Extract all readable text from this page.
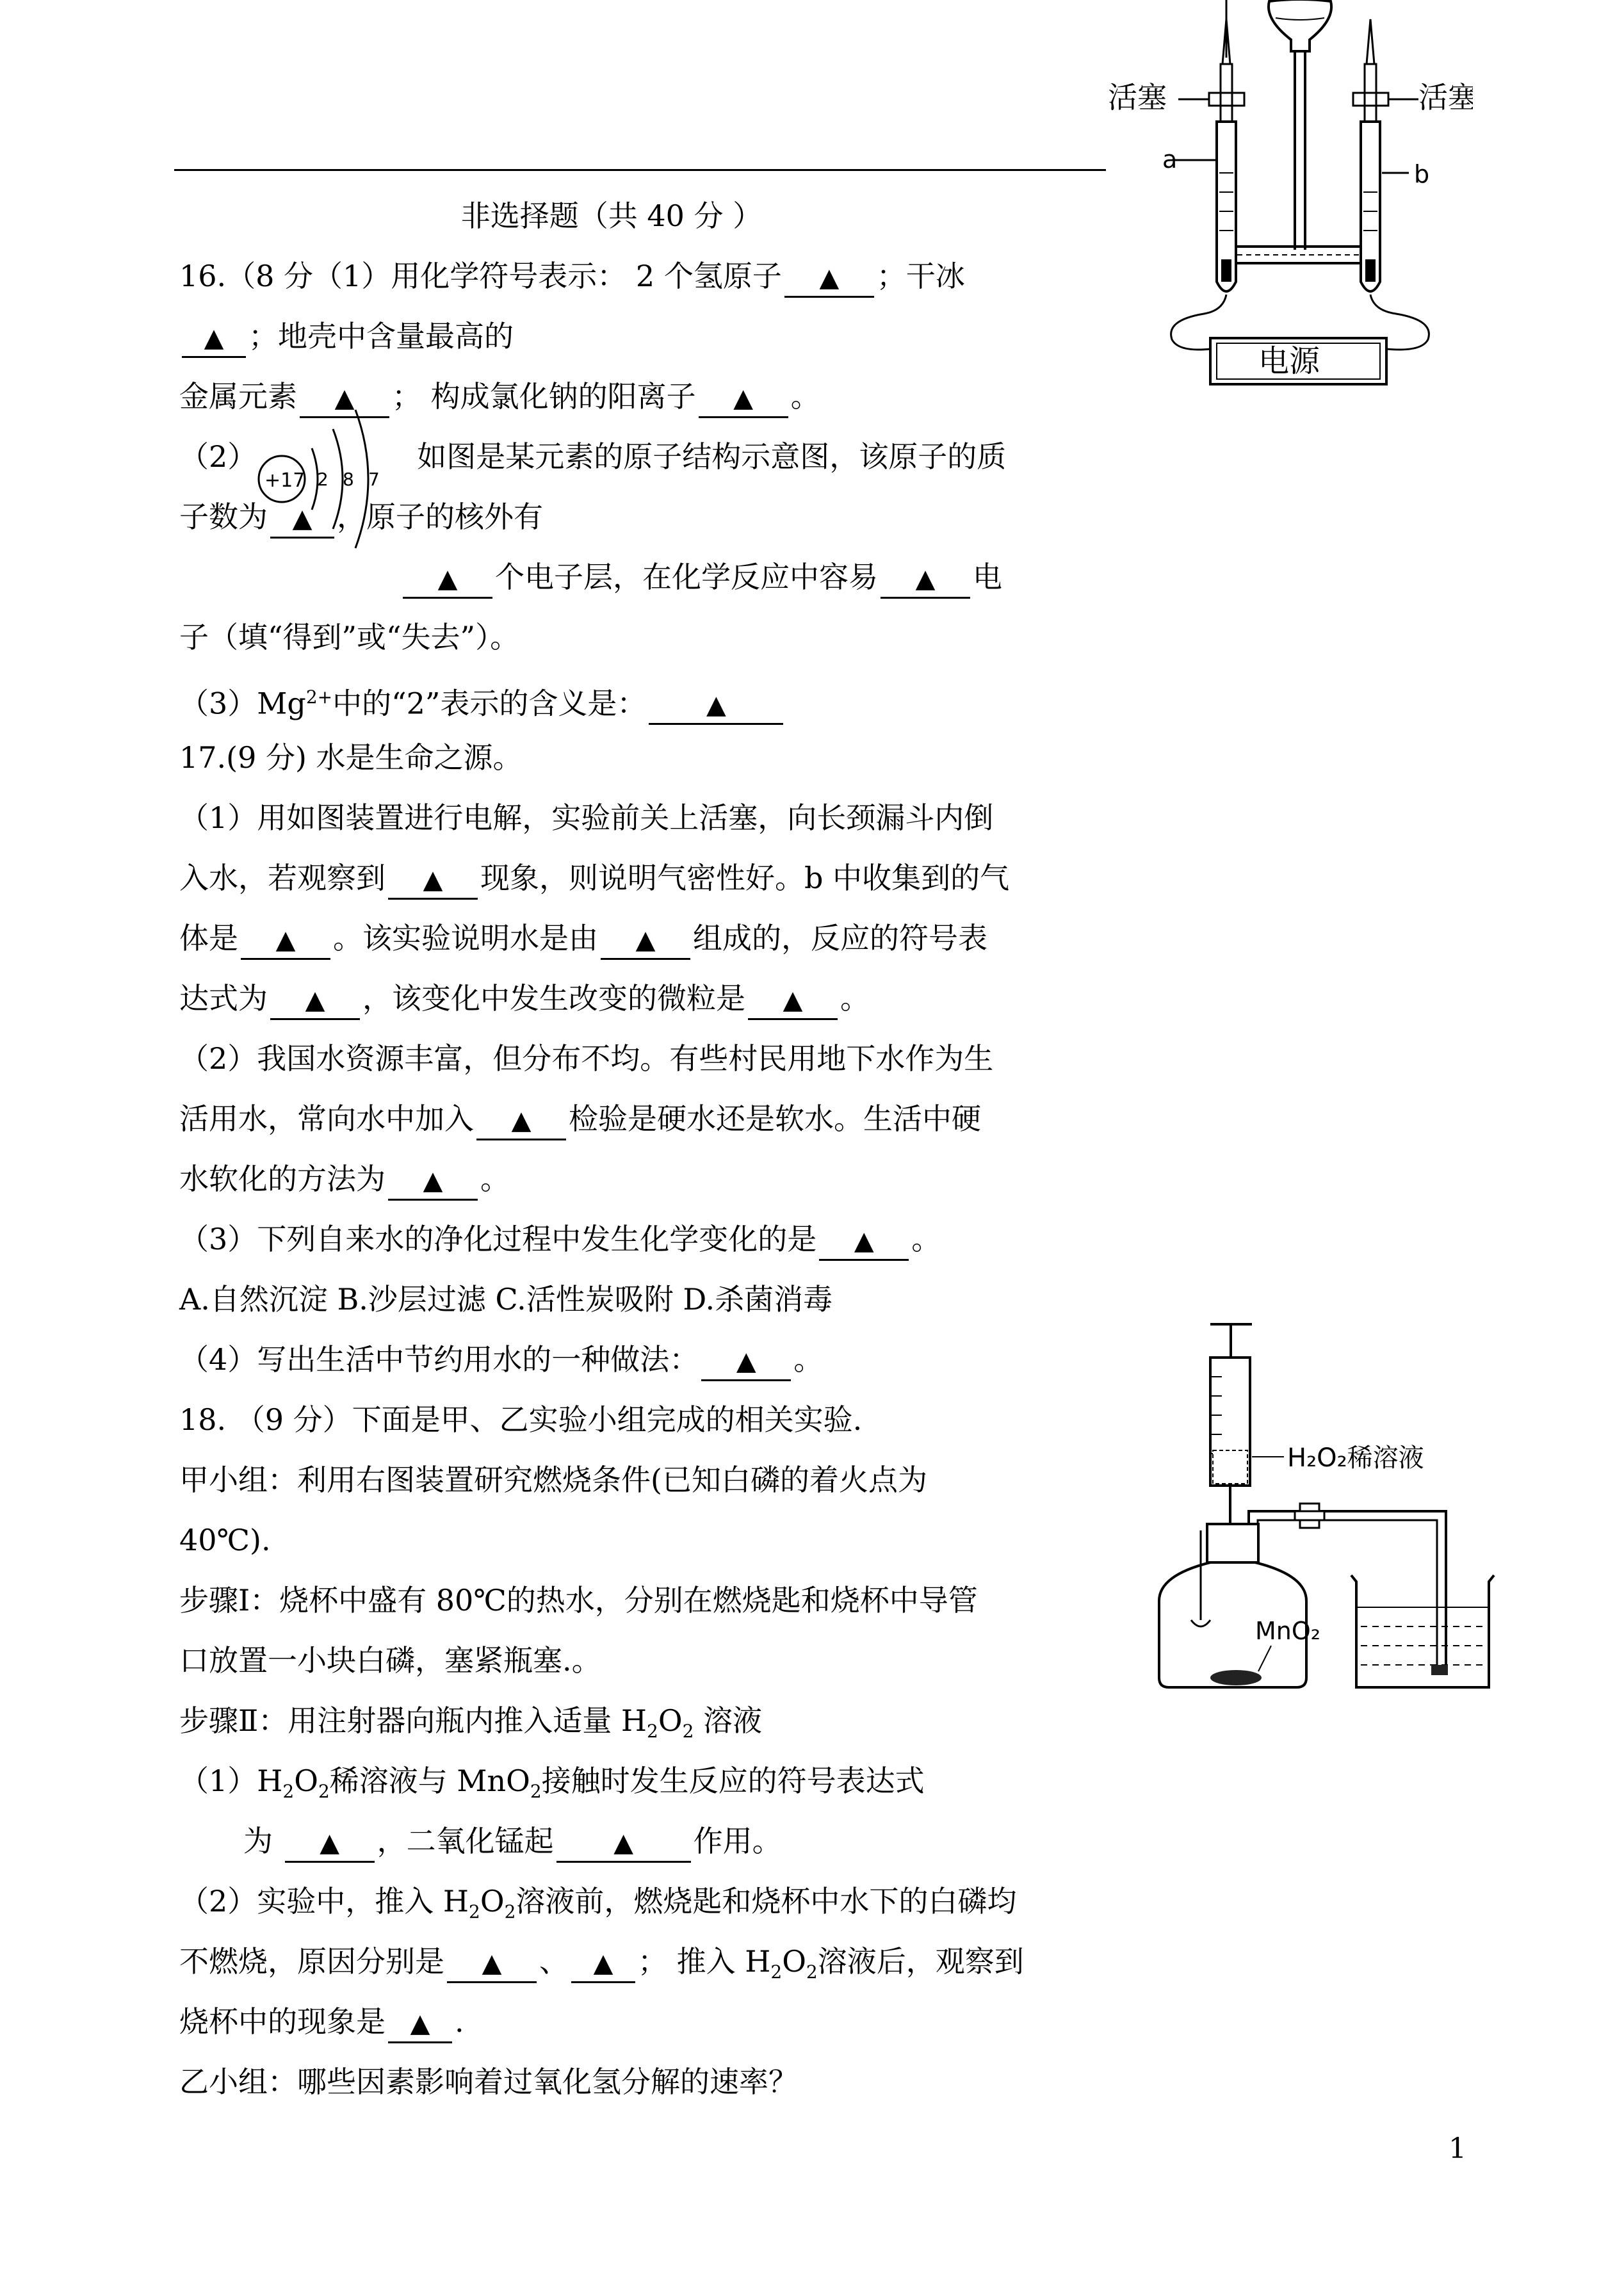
活塞	活塞
a
b
电源
H₂O₂稀溶液
MnO₂
+17 2 8 7
非选择题（共 40 分 ）
16.（8 分（1）用化学符号表示： 2 个氢原子 ▲ ；干冰
▲ ；地壳中含量最高的
金属元素 ▲ ； 构成氯化钠的阳离子 ▲ 。
（2）	如图是某元素的原子结构示意图，该原子的质
子数为 ▲ ，原子的核外有
▲ 个电子层，在化学反应中容易 ▲ 电
子（填“得到”或“失去”）。
$(3)Mg^{2+}$中的“2”表示的含义是： ▲
17.(9 分) 水是生命之源。
（1）用如图装置进行电解，实验前关上活塞，向长颈漏斗内倒
入水，若观察到 ▲ 现象，则说明气密性好。b 中收集到的气
体是 ▲ 。该实验说明水是由 ▲ 组成的，反应的符号表
达式为 ▲ ，该变化中发生改变的微粒是 ▲ 。
（2）我国水资源丰富，但分布不均。有些村民用地下水作为生
活用水，常向水中加入 ▲ 检验是硬水还是软水。生活中硬
水软化的方法为 ▲ 。
（3）下列自来水的净化过程中发生化学变化的是 ▲ 。
A.自然沉淀 B.沙层过滤 C.活性炭吸附 D.杀菌消毒
（4）写出生活中节约用水的一种做法： ▲ 。
18. （9 分）下面是甲、乙实验小组完成的相关实验.
甲小组：利用右图装置研究燃烧条件(已知白磷的着火点为
40℃).
步骤Ⅰ：烧杯中盛有 80℃的热水，分别在燃烧匙和烧杯中导管
口放置一小块白磷，塞紧瓶塞.。
步骤Ⅱ：用注射器向瓶内推入适量 $H_2O_2$ 溶液
$(1)H_2O_2$稀溶液与 MnO$_2$接触时发生反应的符号表达式
为 ▲ ，二氧化锰起 ▲ 作用。
（2）实验中，推入 $H_2O_2$溶液前，燃烧匙和烧杯中水下的白磷均
不燃烧，原因分别是 ▲ 、 ▲ ； 推入 $H_2O_2$溶液后，观察到
烧杯中的现象是 ▲ .
乙小组：哪些因素影响着过氧化氢分解的速率？
1
